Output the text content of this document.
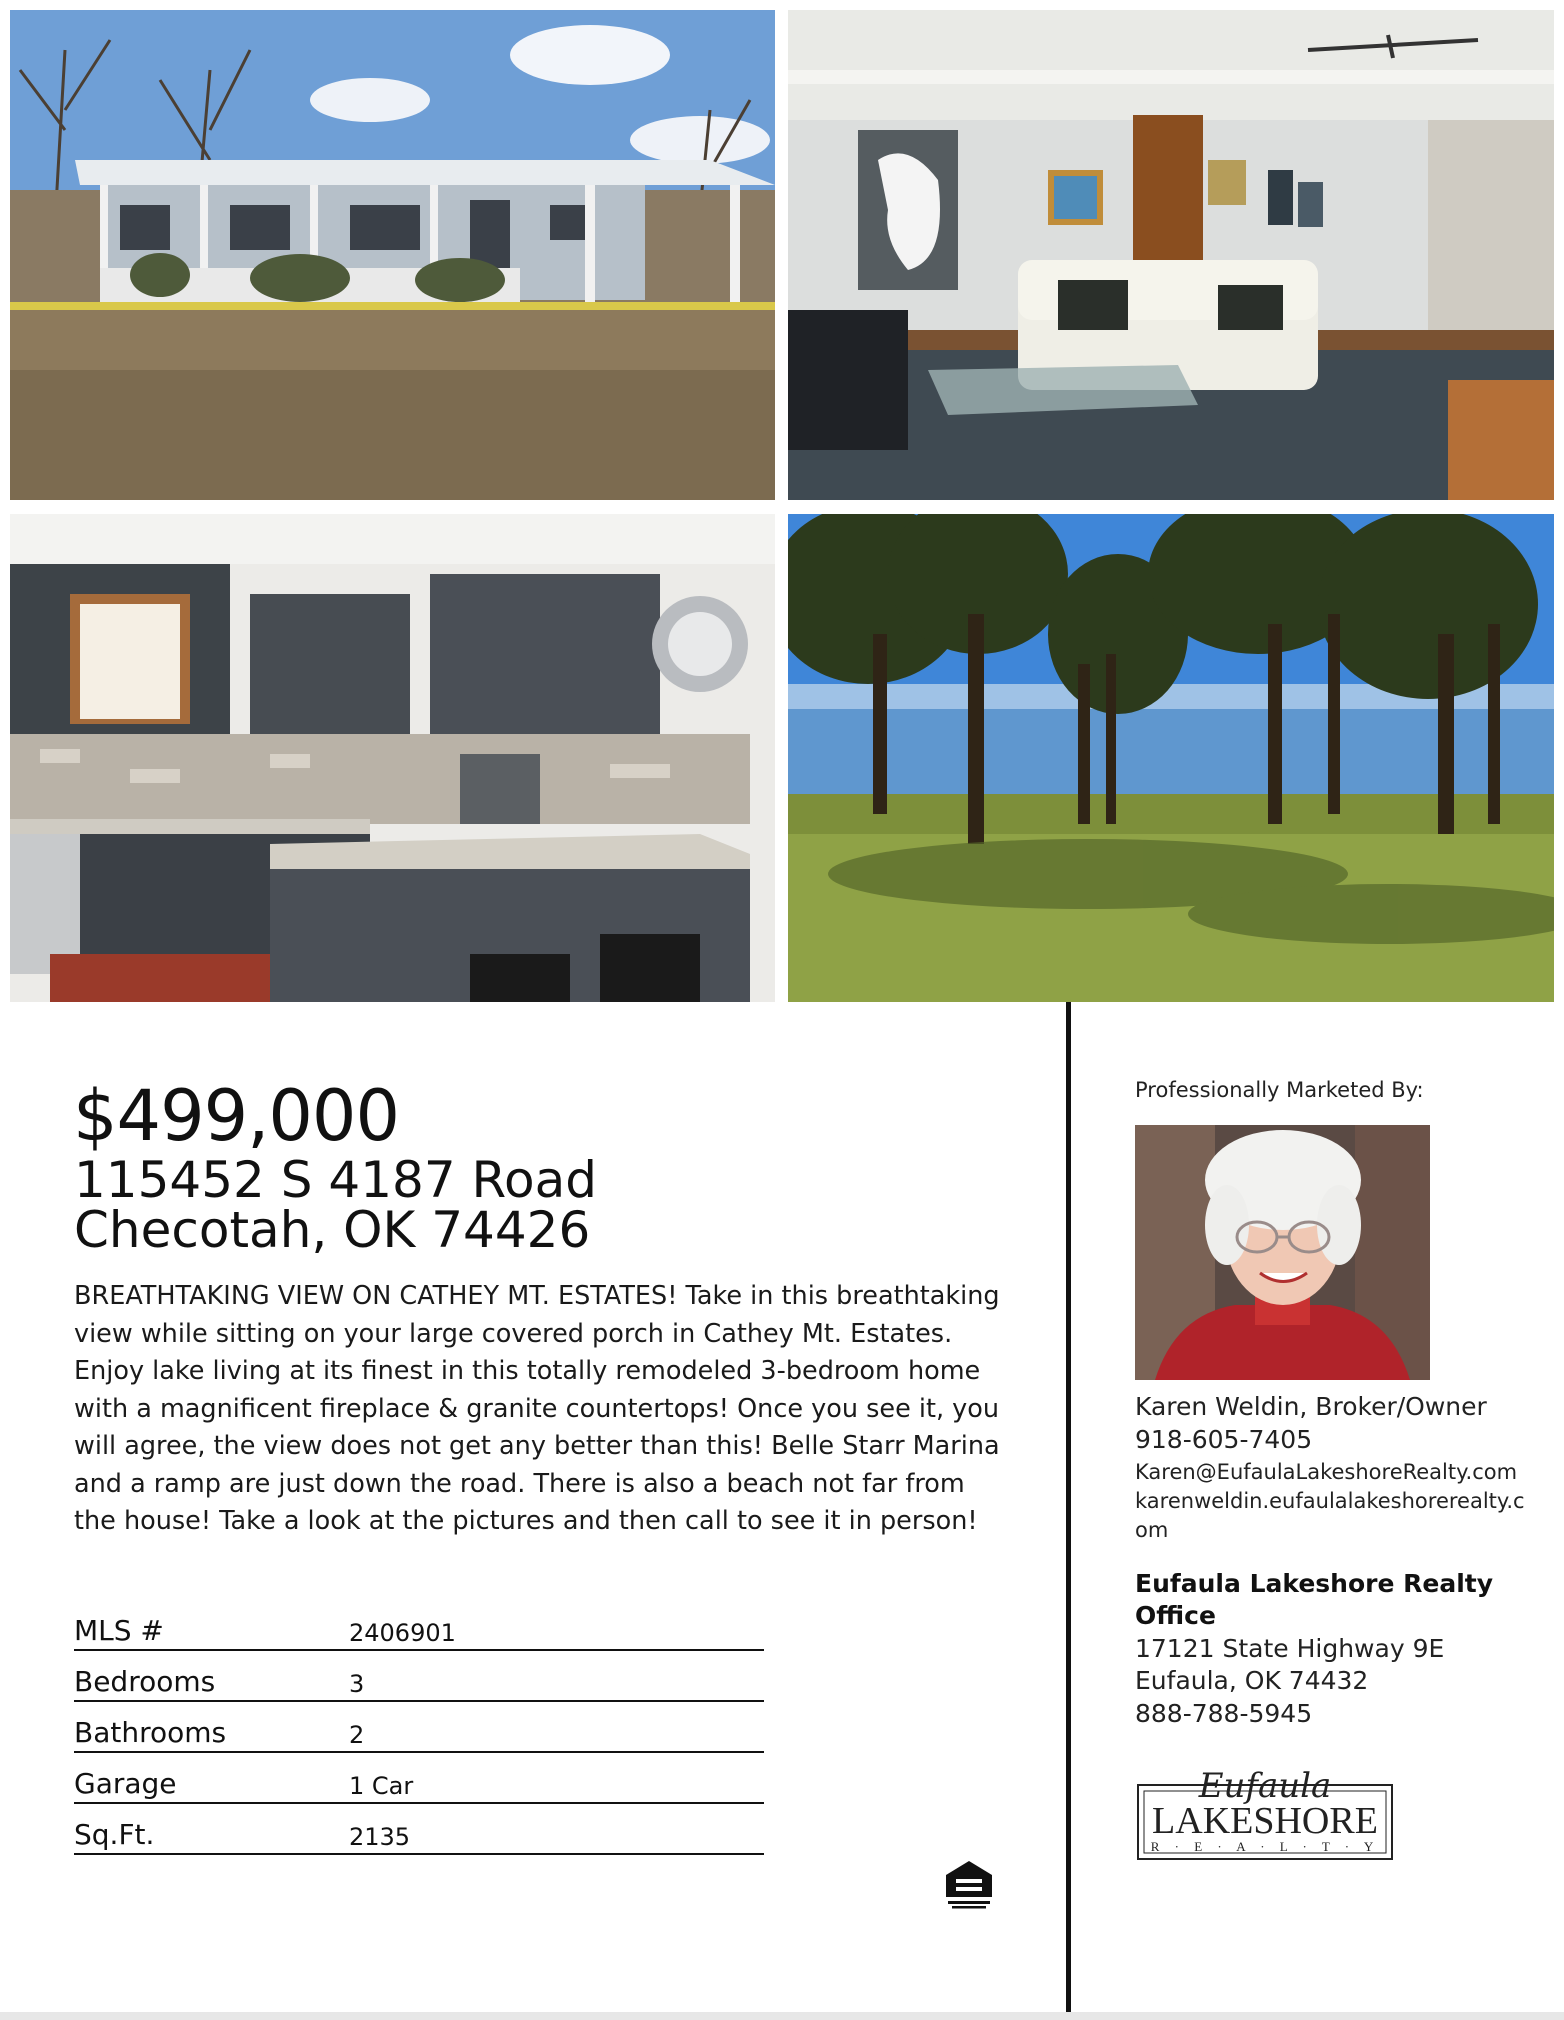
$499,000
115452 S 4187 Road
Checotah, OK 74426
BREATHTAKING VIEW ON CATHEY MT. ESTATES! Take in this breathtaking view while sitting on your large covered porch in Cathey Mt. Estates. Enjoy lake living at its finest in this totally remodeled 3-bedroom home with a magnificent fireplace & granite countertops! Once you see it, you will agree, the view does not get any better than this! Belle Starr Marina and a ramp are just down the road. There is also a beach not far from the house! Take a look at the pictures and then call to see it in person!
MLS #	2406901
Bedrooms	3
Bathrooms	2
Garage	1 Car
Sq.Ft.	2135
Professionally Marketed By:
Karen Weldin, Broker/Owner
918-605-7405
Karen@EufaulaLakeshoreRealty.com
karenweldin.eufaulalakeshorerealty.com
Eufaula Lakeshore Realty Office
17121 State Highway 9E
Eufaula, OK 74432
888-788-5945
Eufaula
LAKESHORE
R · E · A · L · T · Y
